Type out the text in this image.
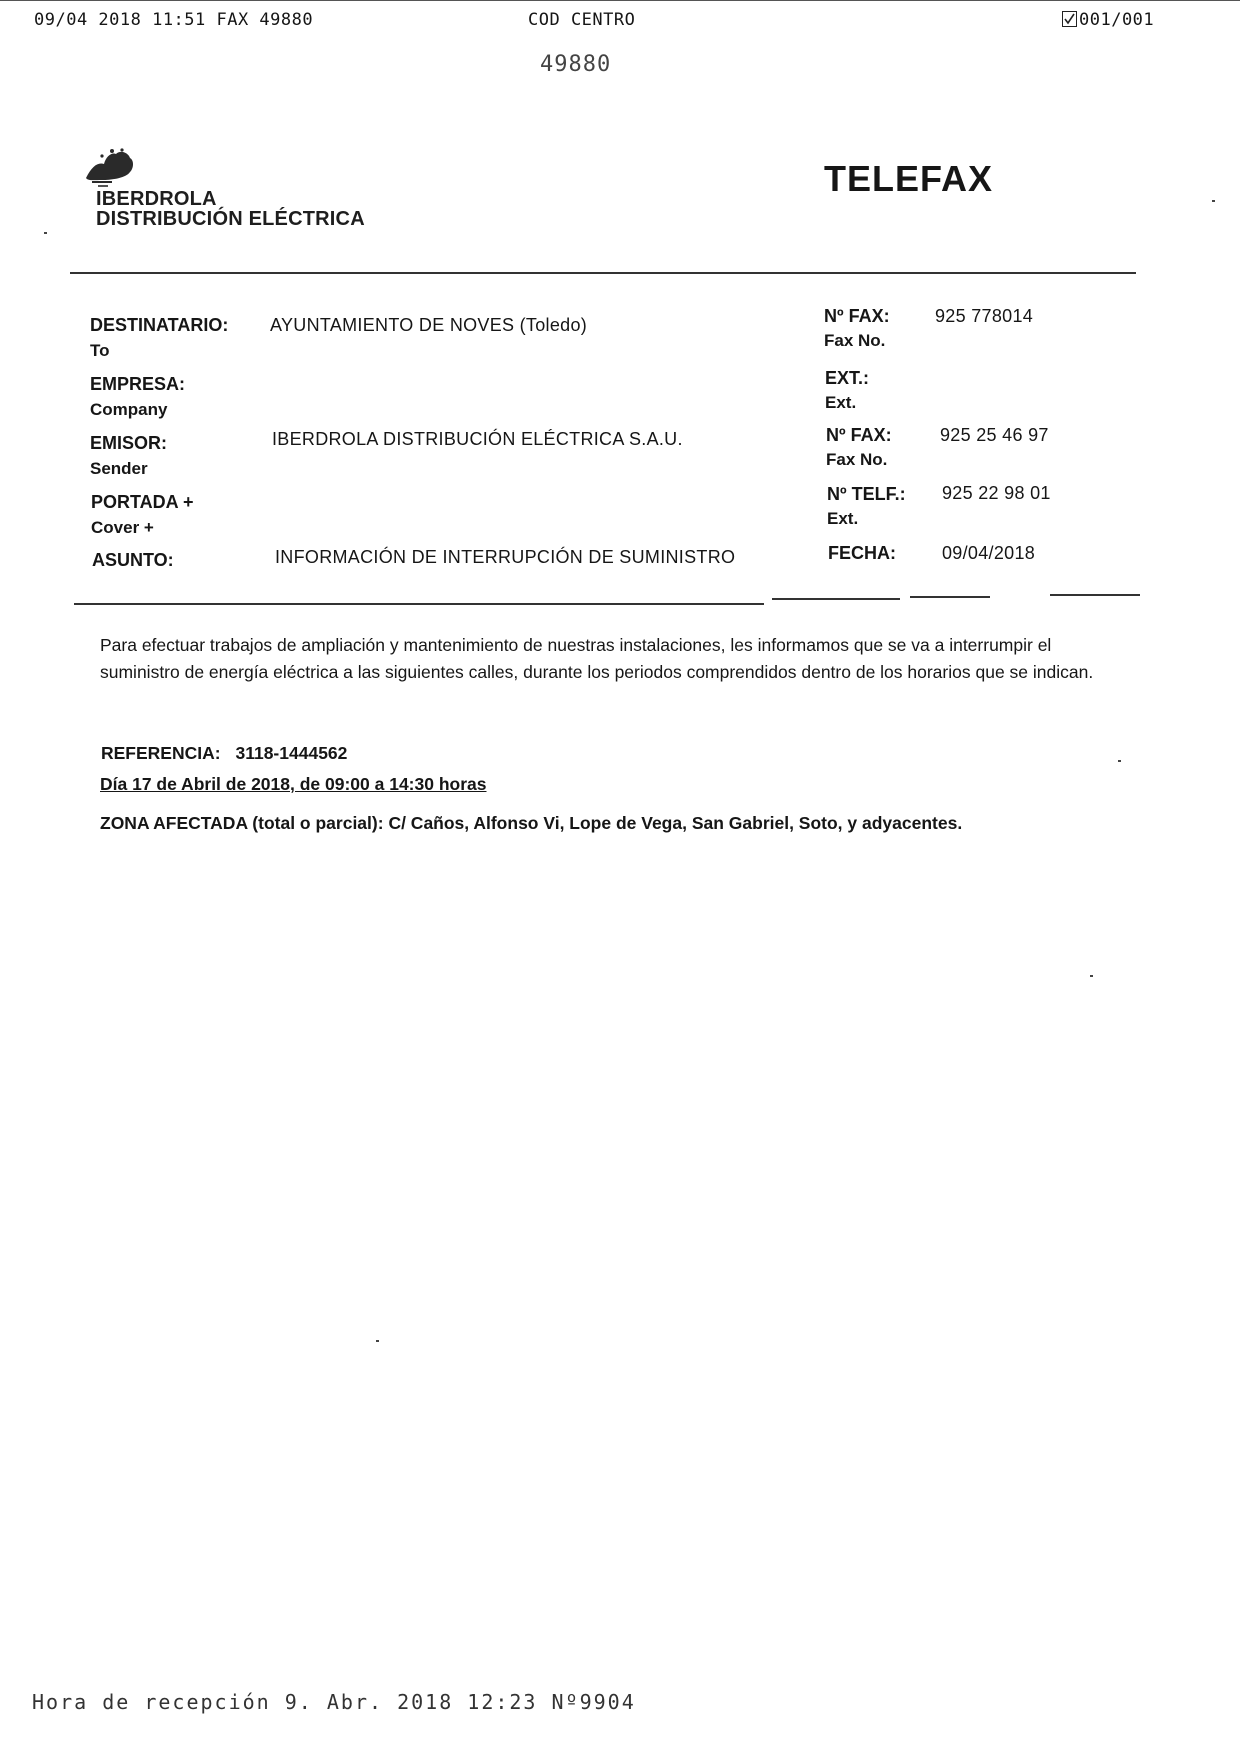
09/04 2018 11:51 FAX 49880	COD CENTRO	001/001
49880
IBERDROLA
DISTRIBUCIÓN ELÉCTRICA
TELEFAX
DESTINATARIO:
To
AYUNTAMIENTO DE NOVES (Toledo)
EMPRESA:
Company
EMISOR:
Sender
IBERDROLA DISTRIBUCIÓN ELÉCTRICA S.A.U.
PORTADA +
Cover +
ASUNTO:	INFORMACIÓN DE INTERRUPCIÓN DE SUMINISTRO
Nº FAX:
Fax No.
925 778014
EXT.:
Ext.
Nº FAX:
Fax No.
925 25 46 97
Nº TELF.:
Ext.
925 22 98 01
FECHA:	09/04/2018
Para efectuar trabajos de ampliación y mantenimiento de nuestras instalaciones, les informamos que se va a interrumpir el suministro de energía eléctrica a las siguientes calles, durante los periodos comprendidos dentro de los horarios que se indican.
REFERENCIA: 3118-1444562
Día 17 de Abril de 2018, de 09:00 a 14:30 horas
ZONA AFECTADA (total o parcial): C/ Caños, Alfonso Vi, Lope de Vega, San Gabriel, Soto, y adyacentes.
Hora de recepción 9. Abr. 2018 12:23 Nº9904
